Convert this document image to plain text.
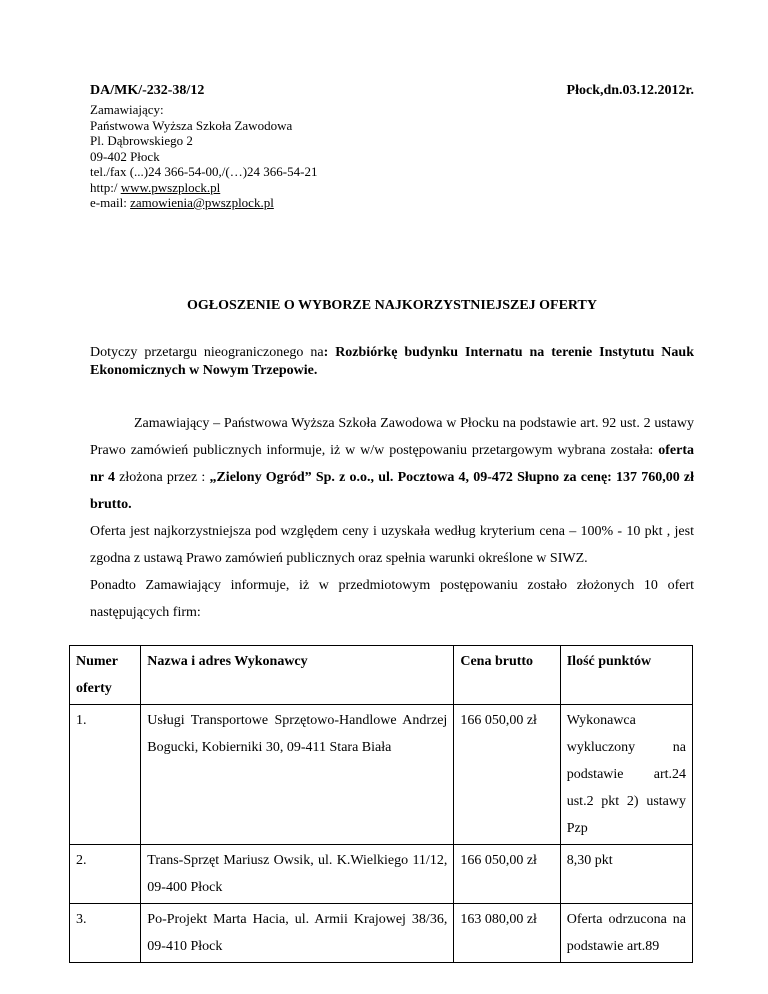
DA/MK/-232-38/12	Płock,dn.03.12.2012r.
Zamawiający:
Państwowa Wyższa Szkoła Zawodowa
Pl. Dąbrowskiego 2
09-402 Płock
tel./fax (...)24 366-54-00,/(…)24 366-54-21
http:/ www.pwszplock.pl
e-mail: zamowienia@pwszplock.pl
OGŁOSZENIE O WYBORZE NAJKORZYSTNIEJSZEJ OFERTY
Dotyczy przetargu nieograniczonego na: Rozbiórkę budynku Internatu na terenie Instytutu Nauk Ekonomicznych w Nowym Trzepowie.
Zamawiający – Państwowa Wyższa Szkoła Zawodowa w Płocku na podstawie art. 92 ust. 2 ustawy Prawo zamówień publicznych informuje, iż w w/w postępowaniu przetargowym wybrana została: oferta nr 4 złożona przez : „Zielony Ogród” Sp. z o.o., ul. Pocztowa 4, 09-472 Słupno za cenę: 137 760,00 zł brutto.
Oferta jest najkorzystniejsza pod względem ceny i uzyskała według kryterium cena – 100% - 10 pkt , jest zgodna z ustawą Prawo zamówień publicznych oraz spełnia warunki określone w SIWZ.
Ponadto Zamawiający informuje, iż w przedmiotowym postępowaniu zostało złożonych 10 ofert następujących firm:
Numer oferty	Nazwa i adres Wykonawcy	Cena brutto	Ilość punktów
1.	Usługi Transportowe Sprzętowo-Handlowe Andrzej Bogucki, Kobierniki 30, 09-411 Stara Biała	166 050,00 zł	Wykonawca wykluczony na podstawie art.24 ust.2 pkt 2) ustawy Pzp
2.	Trans-Sprzęt Mariusz Owsik, ul. K.Wielkiego 11/12, 09-400 Płock	166 050,00 zł	8,30 pkt
3.	Po-Projekt Marta Hacia, ul. Armii Krajowej 38/36, 09-410 Płock	163 080,00 zł	Oferta odrzucona na podstawie art.89
